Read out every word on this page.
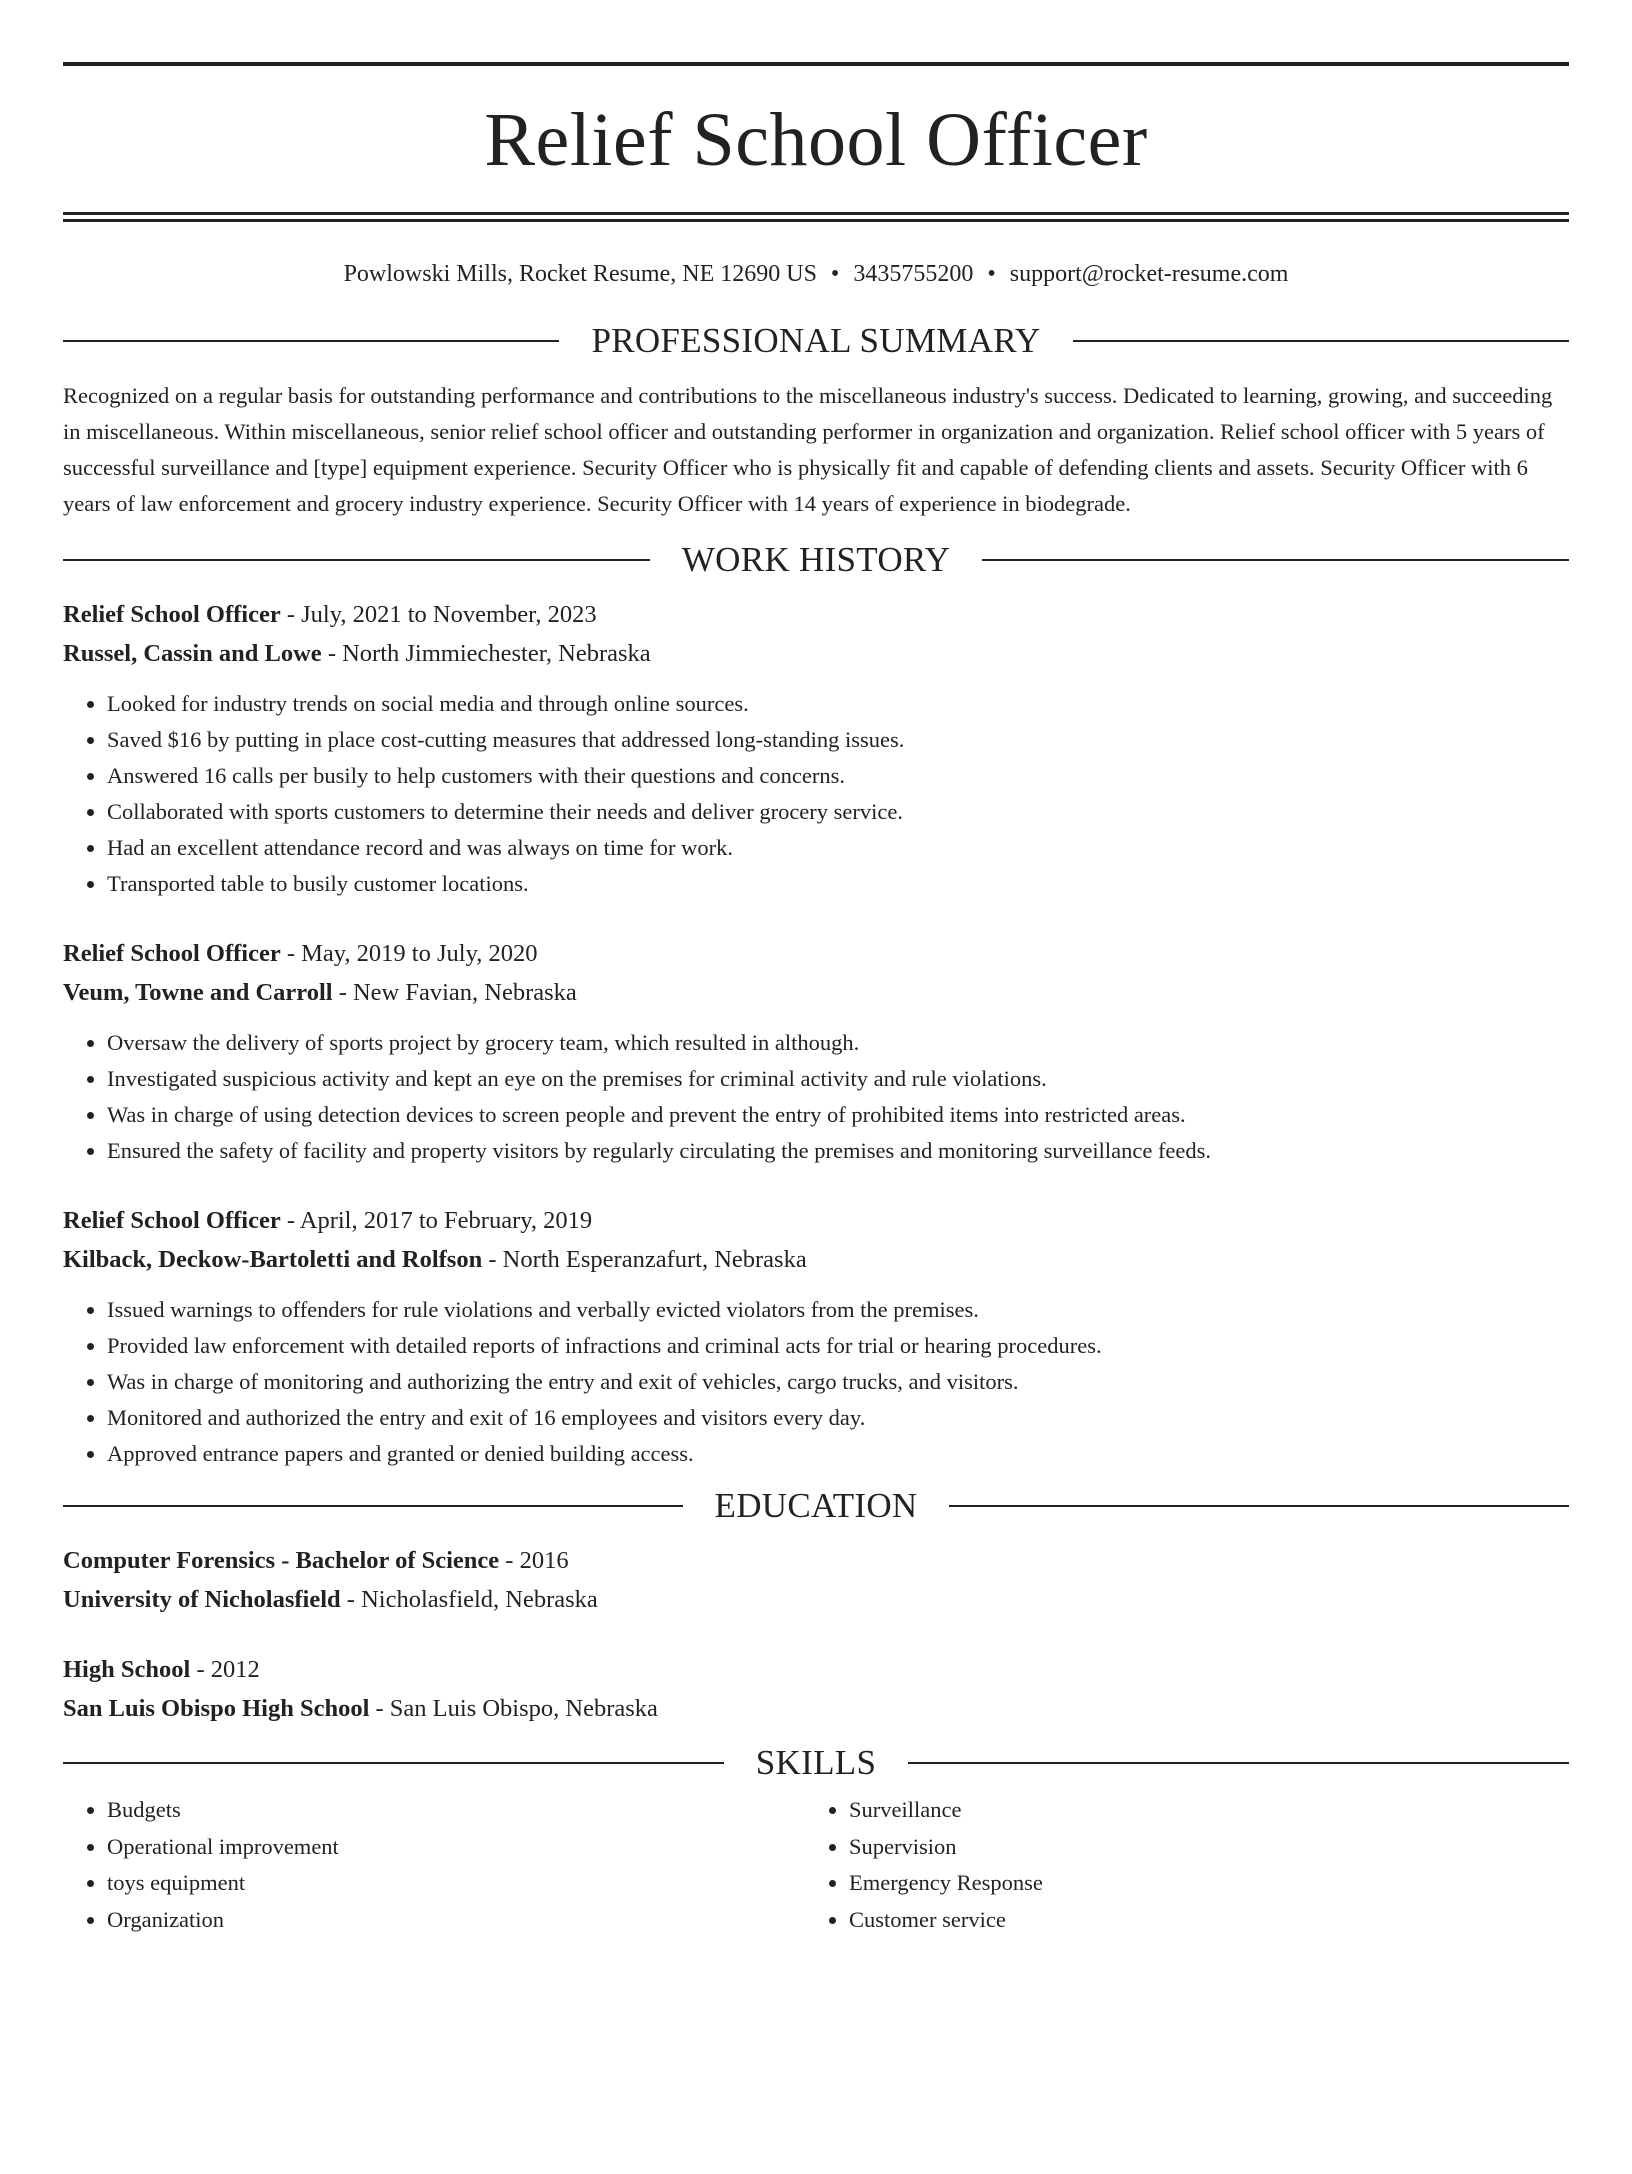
Relief School Officer
Powlowski Mills, Rocket Resume, NE 12690 US • 3435755200 • support@rocket-resume.com
PROFESSIONAL SUMMARY

Recognized on a regular basis for outstanding performance and contributions to the miscellaneous industry's success. Dedicated to learning, growing, and succeeding in miscellaneous. Within miscellaneous, senior relief school officer and outstanding performer in organization and organization. Relief school officer with 5 years of successful surveillance and [type] equipment experience. Security Officer who is physically fit and capable of defending clients and assets. Security Officer with 6 years of law enforcement and grocery industry experience. Security Officer with 14 years of experience in biodegrade.

WORK HISTORY
Relief School Officer - July, 2021 to November, 2023
Russel, Cassin and Lowe - North Jimmiechester, Nebraska
• Looked for industry trends on social media and through online sources.
• Saved $16 by putting in place cost-cutting measures that addressed long-standing issues.
• Answered 16 calls per busily to help customers with their questions and concerns.
• Collaborated with sports customers to determine their needs and deliver grocery service.
• Had an excellent attendance record and was always on time for work.
• Transported table to busily customer locations.
Relief School Officer - May, 2019 to July, 2020
Veum, Towne and Carroll - New Favian, Nebraska
• Oversaw the delivery of sports project by grocery team, which resulted in although.
• Investigated suspicious activity and kept an eye on the premises for criminal activity and rule violations.
• Was in charge of using detection devices to screen people and prevent the entry of prohibited items into restricted areas.
• Ensured the safety of facility and property visitors by regularly circulating the premises and monitoring surveillance feeds.
Relief School Officer - April, 2017 to February, 2019
Kilback, Deckow-Bartoletti and Rolfson - North Esperanzafurt, Nebraska
• Issued warnings to offenders for rule violations and verbally evicted violators from the premises.
• Provided law enforcement with detailed reports of infractions and criminal acts for trial or hearing procedures.
• Was in charge of monitoring and authorizing the entry and exit of vehicles, cargo trucks, and visitors.
• Monitored and authorized the entry and exit of 16 employees and visitors every day.
• Approved entrance papers and granted or denied building access.
EDUCATION
Computer Forensics - Bachelor of Science - 2016
University of Nicholasfield - Nicholasfield, Nebraska
High School - 2012
San Luis Obispo High School - San Luis Obispo, Nebraska
SKILLS
• Budgets
• Operational improvement
• toys equipment
• Organization
• Surveillance
• Supervision
• Emergency Response
• Customer service
